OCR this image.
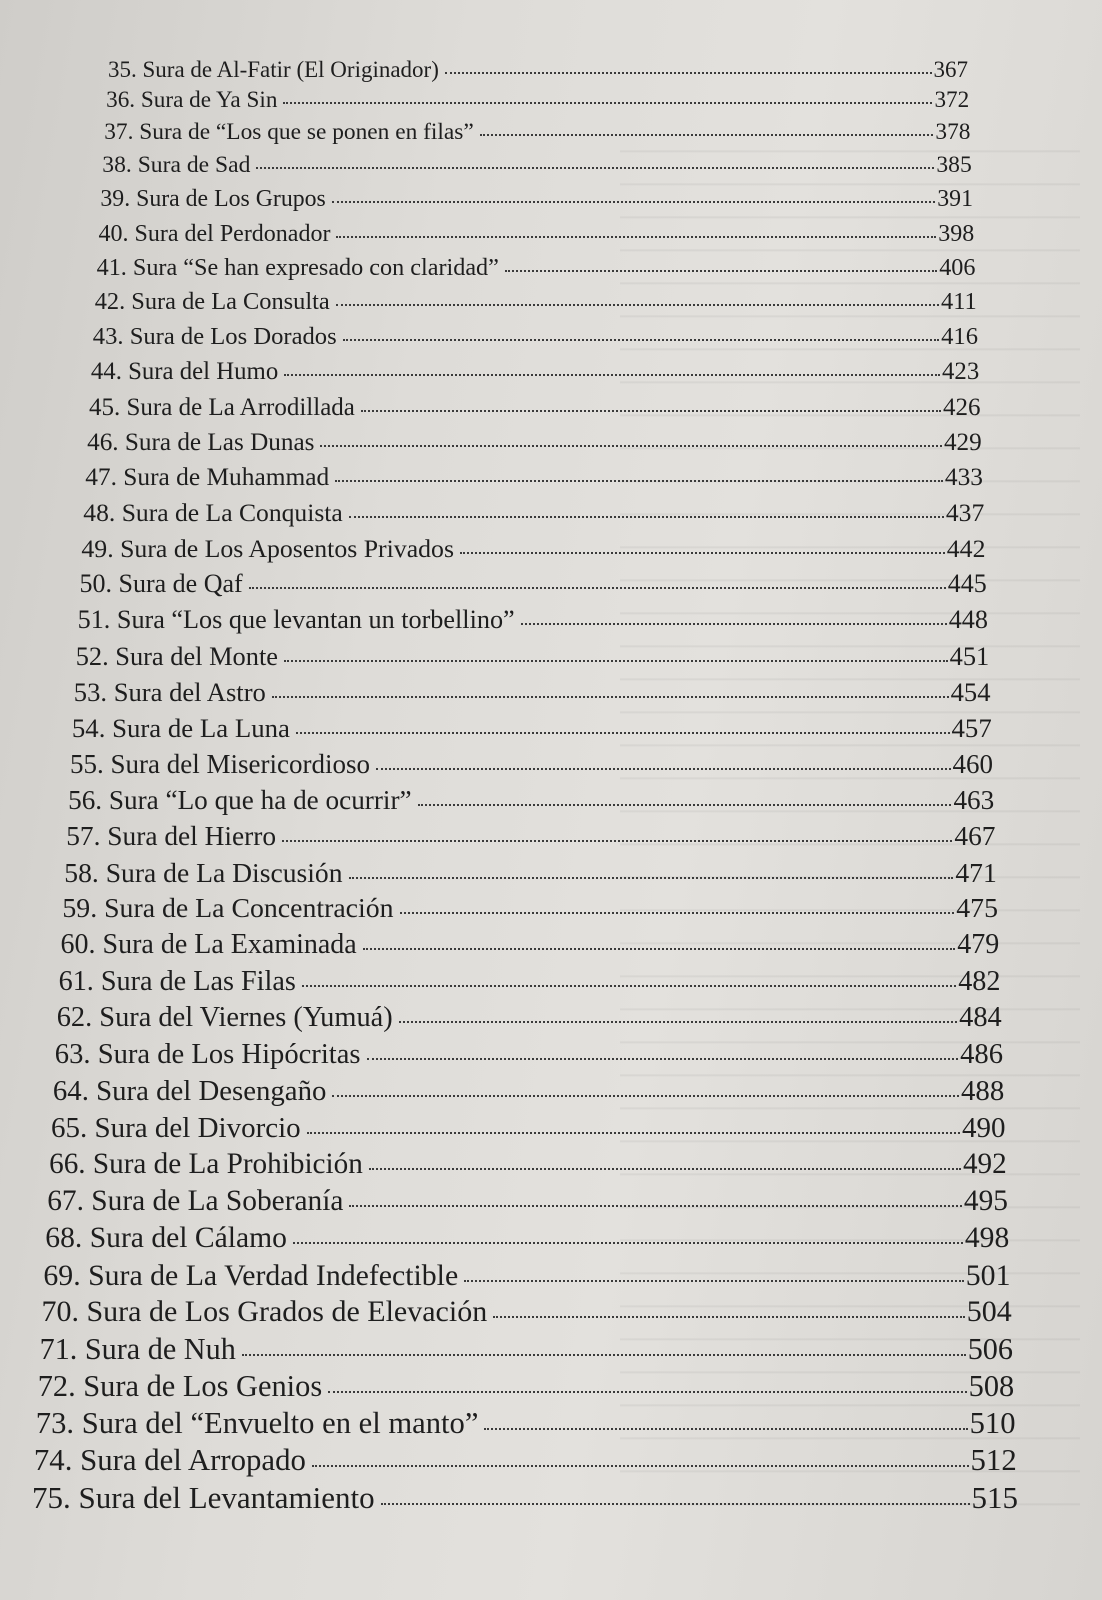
35. Sura de Al-Fatir (El Originador)	367
36. Sura de Ya Sin	372
37. Sura de “Los que se ponen en filas”	378
38. Sura de Sad	385
39. Sura de Los Grupos	391
40. Sura del Perdonador	398
41. Sura “Se han expresado con claridad”	406
42. Sura de La Consulta	411
43. Sura de Los Dorados	416
44. Sura del Humo	423
45. Sura de La Arrodillada	426
46. Sura de Las Dunas	429
47. Sura de Muhammad	433
48. Sura de La Conquista	437
49. Sura de Los Aposentos Privados	442
50. Sura de Qaf	445
51. Sura “Los que levantan un torbellino”	448
52. Sura del Monte	451
53. Sura del Astro	454
54. Sura de La Luna	457
55. Sura del Misericordioso	460
56. Sura “Lo que ha de ocurrir”	463
57. Sura del Hierro	467
58. Sura de La Discusión	471
59. Sura de La Concentración	475
60. Sura de La Examinada	479
61. Sura de Las Filas	482
62. Sura del Viernes (Yumuá)	484
63. Sura de Los Hipócritas	486
64. Sura del Desengaño	488
65. Sura del Divorcio	490
66. Sura de La Prohibición	492
67. Sura de La Soberanía	495
68. Sura del Cálamo	498
69. Sura de La Verdad Indefectible	501
70. Sura de Los Grados de Elevación	504
71. Sura de Nuh	506
72. Sura de Los Genios	508
73. Sura del “Envuelto en el manto”	510
74. Sura del Arropado	512
75. Sura del Levantamiento	515
